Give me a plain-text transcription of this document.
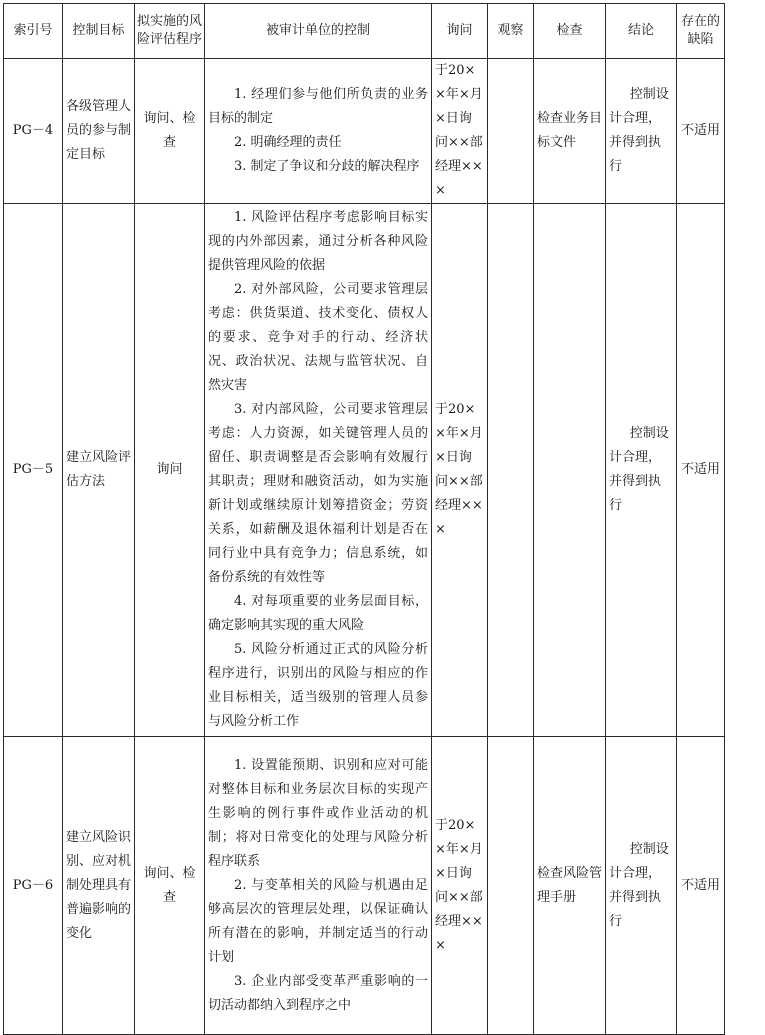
索引号	控制目标	拟实施的风险评估程序	被审计单位的控制	询问	观察	检查	结论	存在的缺陷
PG－4	各级管理人员的参与制定目标	询问、检查	1. 经理们参与他们所负责的业务目标的制定

2. 明确经理的责任

3. 制定了争议和分歧的解决程序	于20××年×月×日询问××部经理×××		检查业务目标文件	控制设计合理，并得到执行	不适用
PG－5	建立风险评估方法	询问	1. 风险评估程序考虑影响目标实现的内外部因素，通过分析各种风险提供管理风险的依据

2. 对外部风险，公司要求管理层考虑：供货渠道、技术变化、债权人的要求、竞争对手的行动、经济状况、政治状况、法规与监管状况、自然灾害

3. 对内部风险，公司要求管理层考虑：人力资源，如关键管理人员的留任、职责调整是否会影响有效履行其职责；理财和融资活动，如为实施新计划或继续原计划筹措资金；劳资关系，如薪酬及退休福利计划是否在同行业中具有竞争力；信息系统，如备份系统的有效性等

4. 对每项重要的业务层面目标，确定影响其实现的重大风险

5. 风险分析通过正式的风险分析程序进行，识别出的风险与相应的作业目标相关，适当级别的管理人员参与风险分析工作	于20××年×月×日询问××部经理×××			控制设计合理，并得到执行	不适用
PG－6	建立风险识别、应对机制处理具有普遍影响的变化	询问、检查	1. 设置能预期、识别和应对可能对整体目标和业务层次目标的实现产生影响的例行事件或作业活动的机制；将对日常变化的处理与风险分析程序联系

2. 与变革相关的风险与机遇由足够高层次的管理层处理，以保证确认所有潜在的影响，并制定适当的行动计划

3. 企业内部受变革严重影响的一切活动都纳入到程序之中	于20××年×月×日询问××部经理×××		检查风险管理手册	控制设计合理，并得到执行	不适用
